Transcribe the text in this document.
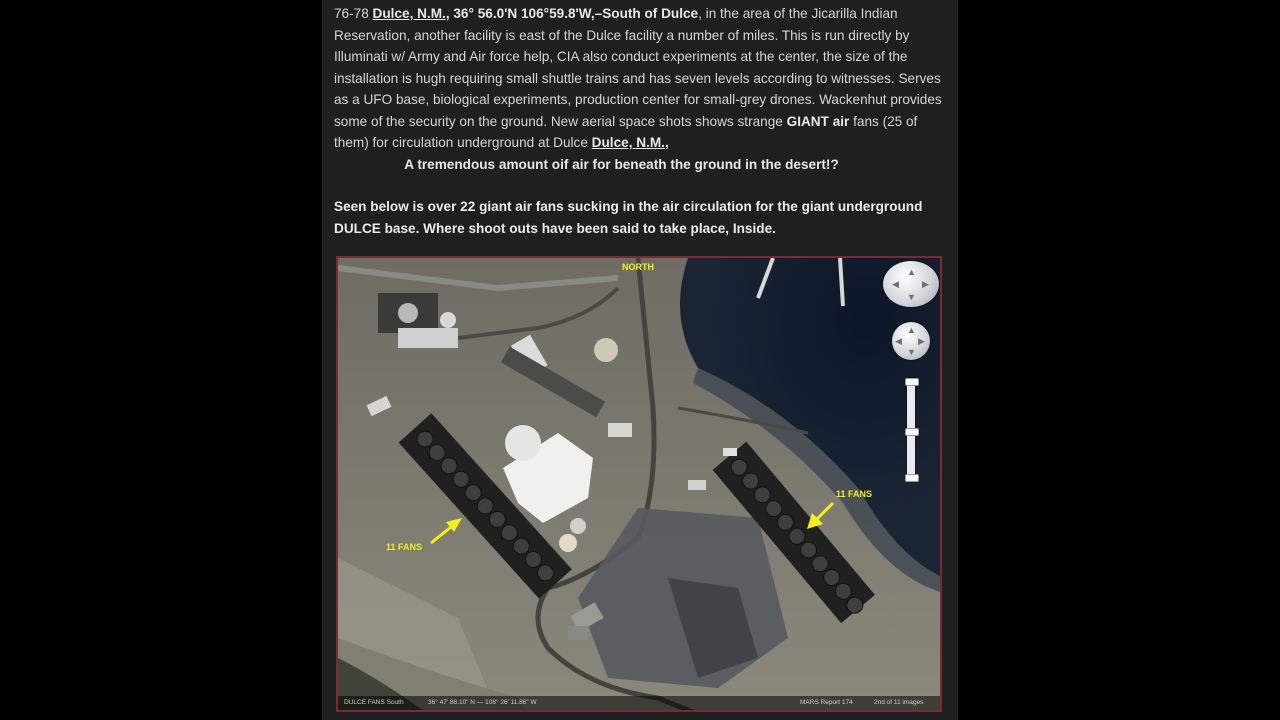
76-78 Dulce, N.M., 36° 56.0'N 106°59.8'W,–South of Dulce, in the area of the Jicarilla Indian Reservation, another facility is east of the Dulce facility a number of miles. This is run directly by Illuminati w/ Army and Air force help, CIA also conduct experiments at the center, the size of the installation is hugh requiring small shuttle trains and has seven levels according to witnesses. Serves as a UFO base, biological experiments, production center for small-grey drones. Wackenhut provides some of the security on the ground. New aerial space shots shows strange GIANT air fans (25 of them) for circulation underground at Dulce Dulce, N.M.,
A tremendous amount oif air for beneath the ground in the desert!?
Seen below is over 22 giant air fans sucking in the air circulation for the giant underground DULCE base. Where shoot outs have been said to take place, Inside.
NORTH
11 FANS
11 FANS
▲
▼
◀	▶
▲
▼
◀ ▶
DULCE FANS South	36° 47' 88.10" N — 108° 26' 11.86" W	MARS Report 174	2nd of 11 images
